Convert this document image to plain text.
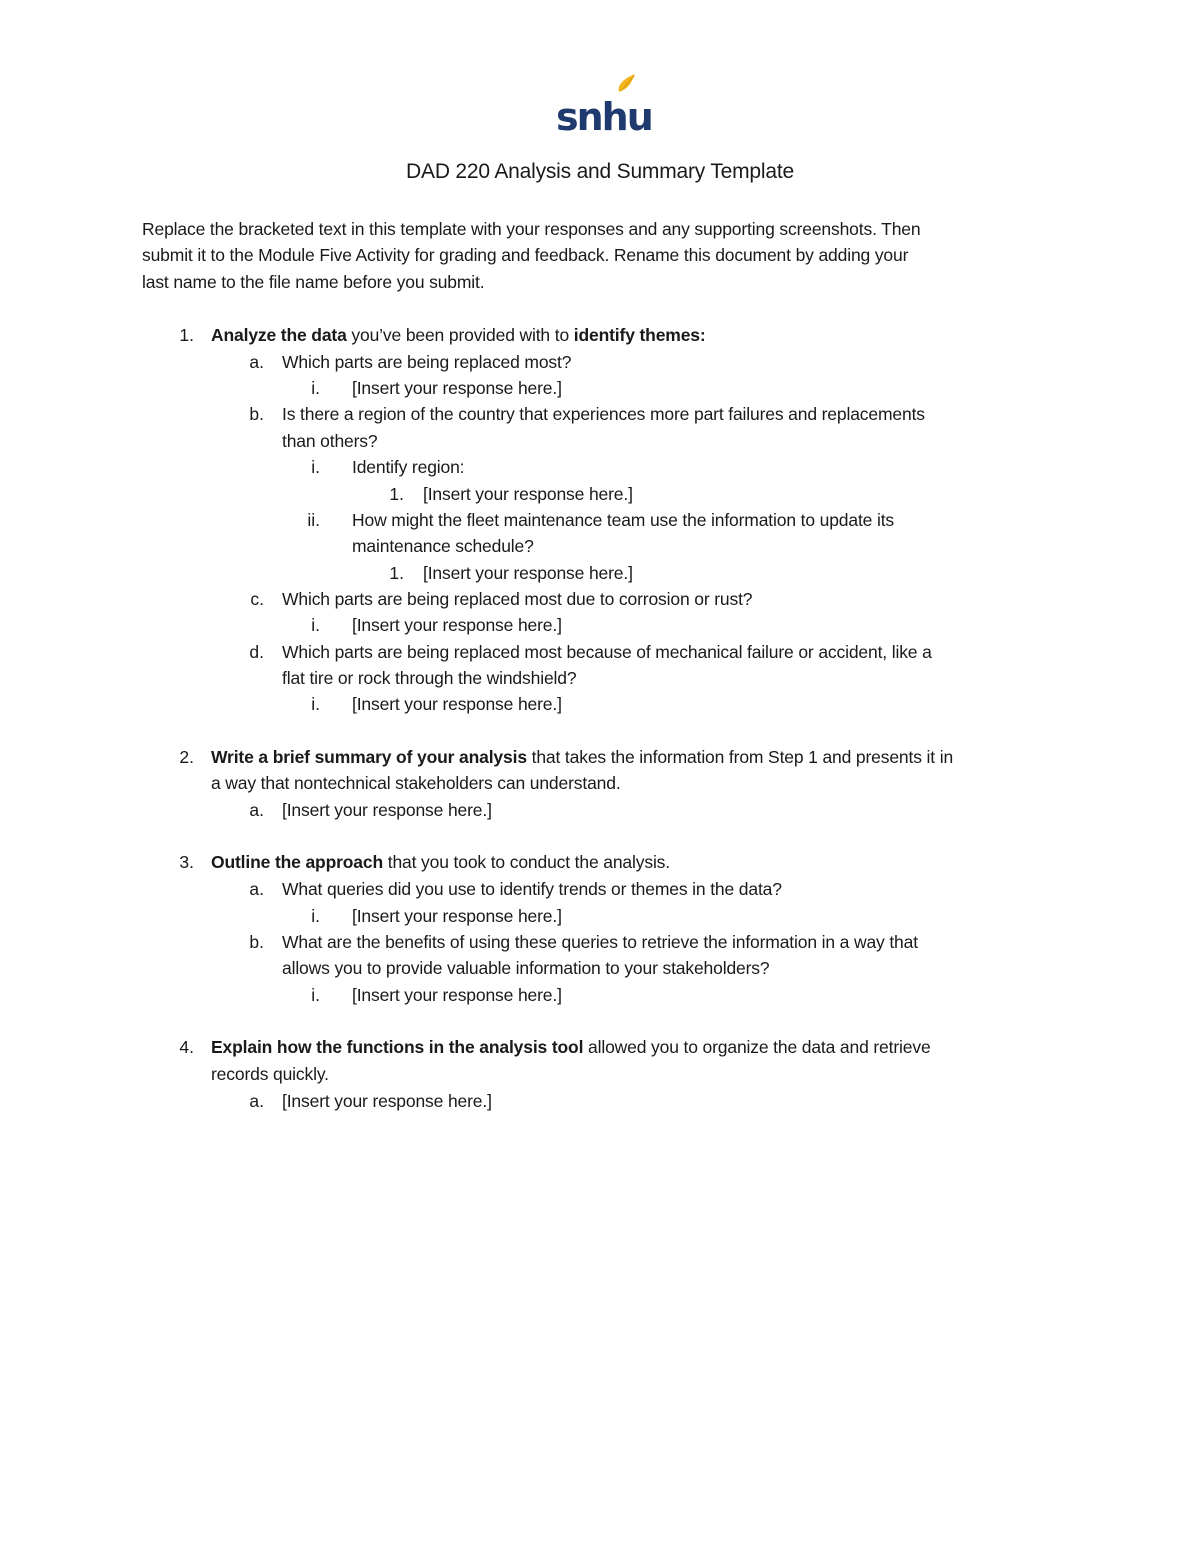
snhu
DAD 220 Analysis and Summary Template
Replace the bracketed text in this template with your responses and any supporting screenshots. Then
submit it to the Module Five Activity for grading and feedback. Rename this document by adding your
last name to the file name before you submit.
1. Analyze the data you’ve been provided with to identify themes:
a. Which parts are being replaced most?
i. [Insert your response here.]
b. Is there a region of the country that experiences more part failures and replacements
than others?
i. Identify region:
1. [Insert your response here.]
ii. How might the fleet maintenance team use the information to update its
maintenance schedule?
1. [Insert your response here.]
c. Which parts are being replaced most due to corrosion or rust?
i. [Insert your response here.]
d. Which parts are being replaced most because of mechanical failure or accident, like a
flat tire or rock through the windshield?
i. [Insert your response here.]
2. Write a brief summary of your analysis that takes the information from Step 1 and presents it in
a way that nontechnical stakeholders can understand.
a. [Insert your response here.]
3. Outline the approach that you took to conduct the analysis.
a. What queries did you use to identify trends or themes in the data?
i. [Insert your response here.]
b. What are the benefits of using these queries to retrieve the information in a way that
allows you to provide valuable information to your stakeholders?
i. [Insert your response here.]
4. Explain how the functions in the analysis tool allowed you to organize the data and retrieve
records quickly.
a. [Insert your response here.]
